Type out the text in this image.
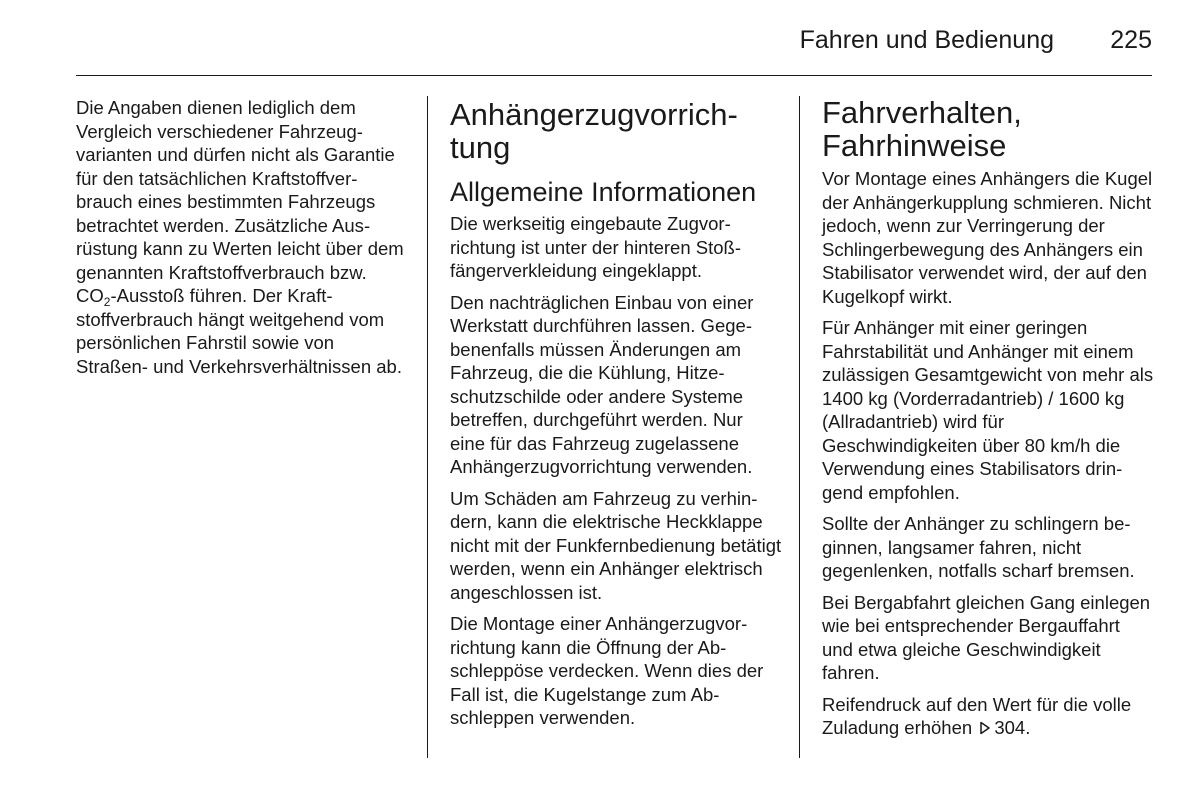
Fahren und Bedienung 225

Die Angaben dienen lediglich dem Vergleich verschiedener Fahrzeugvarianten und dürfen nicht als Garantie für den tatsächlichen Kraftstoffverbrauch eines bestimmten Fahrzeugs betrachtet werden. Zusätzliche Ausrüstung kann zu Werten leicht über dem genannten Kraftstoffverbrauch bzw. $CO_2$-Ausstoß führen. Der Kraftstoffverbrauch hängt weitgehend vom persönlichen Fahrstil sowie von Straßen- und Verkehrsverhältnissen ab.

Anhängerzugvorrichtung
Allgemeine Informationen

Die werkseitig eingebaute Zugvorrichtung ist unter der hinteren Stoßfängerverkleidung eingeklappt.

Den nachträglichen Einbau von einer Werkstatt durchführen lassen. Gegebenenfalls müssen Änderungen am Fahrzeug, die die Kühlung, Hitzeschutzschilde oder andere Systeme betreffen, durchgeführt werden. Nur eine für das Fahrzeug zugelassene Anhängerzugvorrichtung verwenden.

Um Schäden am Fahrzeug zu verhindern, kann die elektrische Heckklappe nicht mit der Funkfernbedienung betätigt werden, wenn ein Anhänger elektrisch angeschlossen ist.

Die Montage einer Anhängerzugvorrichtung kann die Öffnung der Abschleppöse verdecken. Wenn dies der Fall ist, die Kugelstange zum Abschleppen verwenden.

Fahrverhalten, Fahrhinweise

Vor Montage eines Anhängers die Kugel der Anhängerkupplung schmieren. Nicht jedoch, wenn zur Verringerung der Schlingerbewegung des Anhängers ein Stabilisator verwendet wird, der auf den Kugelkopf wirkt.

Für Anhänger mit einer geringen Fahrstabilität und Anhänger mit einem zulässigen Gesamtgewicht von mehr als 1400 kg (Vorderradantrieb) / 1600 kg (Allradantrieb) wird für Geschwindigkeiten über 80 km/h die Verwendung eines Stabilisators dringend empfohlen.

Sollte der Anhänger zu schlingern beginnen, langsamer fahren, nicht gegenlenken, notfalls scharf bremsen.

Bei Bergabfahrt gleichen Gang einlegen wie bei entsprechender Bergauffahrt und etwa gleiche Geschwindigkeit fahren.

Reifendruck auf den Wert für die volle Zuladung erhöhen 304.
